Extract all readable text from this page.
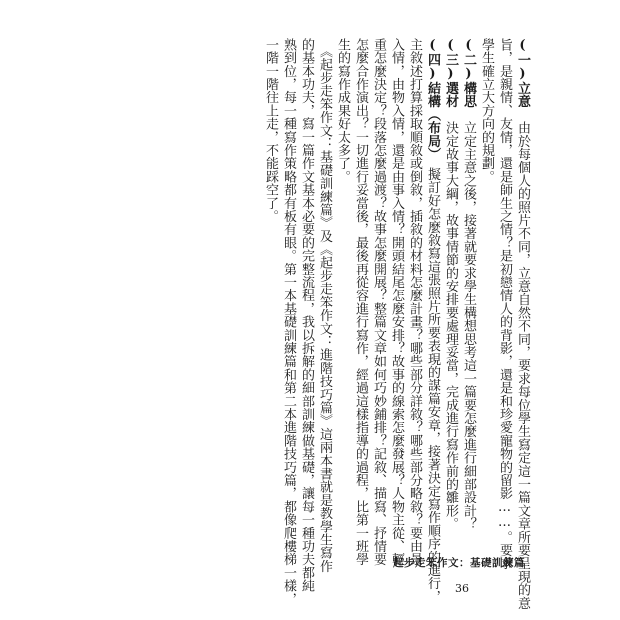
(一)立意　由於每個人的照片不同，立意自然不同，要求每位學生寫定這一篇文章所要呈現的意
旨，是親情、友情，還是師生之情？是初戀情人的背影，還是和珍愛寵物的留影……。要求
學生確立大方向的規劃。
(二)構思　立定主意之後，接著就要求學生構想思考這一篇要怎麼進行細部設計？
(三)選材　決定故事大綱，故事情節的安排要處理妥當，完成進行寫作前的雛形。
(四)結構（布局）　擬訂好怎麼敘寫這張照片所要表現的謀篇安章，接著決定寫作順序的進行，
主敘述打算採取順敘或倒敘，插敘的材料怎麼計畫？哪些部分詳敘？哪些部分略敘？要由景
入情，由物入情，還是由事入情？開頭結尾怎麼安排？故事的線索怎麼發展？人物主從、輕
重怎麼決定？段落怎麼過渡？故事怎麼開展？整篇文章如何巧妙鋪排？記敘、描寫、抒情要
怎麼合作演出？一切進行妥當後，最後再從容進行寫作，經過這樣指導的過程，比第一班學
生的寫作成果好太多了。
　《起步走笨作文：基礎訓練篇》及《起步走笨作文：進階技巧篇》這兩本書就是教學生寫作
的基本功夫，寫一篇作文基本必要的完整流程，我以拆解的細部訓練做基礎，讓每一種功夫都純
熟到位，每一種寫作策略都有板有眼。第一本基礎訓練篇和第二本進階技巧篇，都像爬樓梯一樣，
一階一階往上走，不能踩空了。
起步走笨作文：基礎訓練篇
36
